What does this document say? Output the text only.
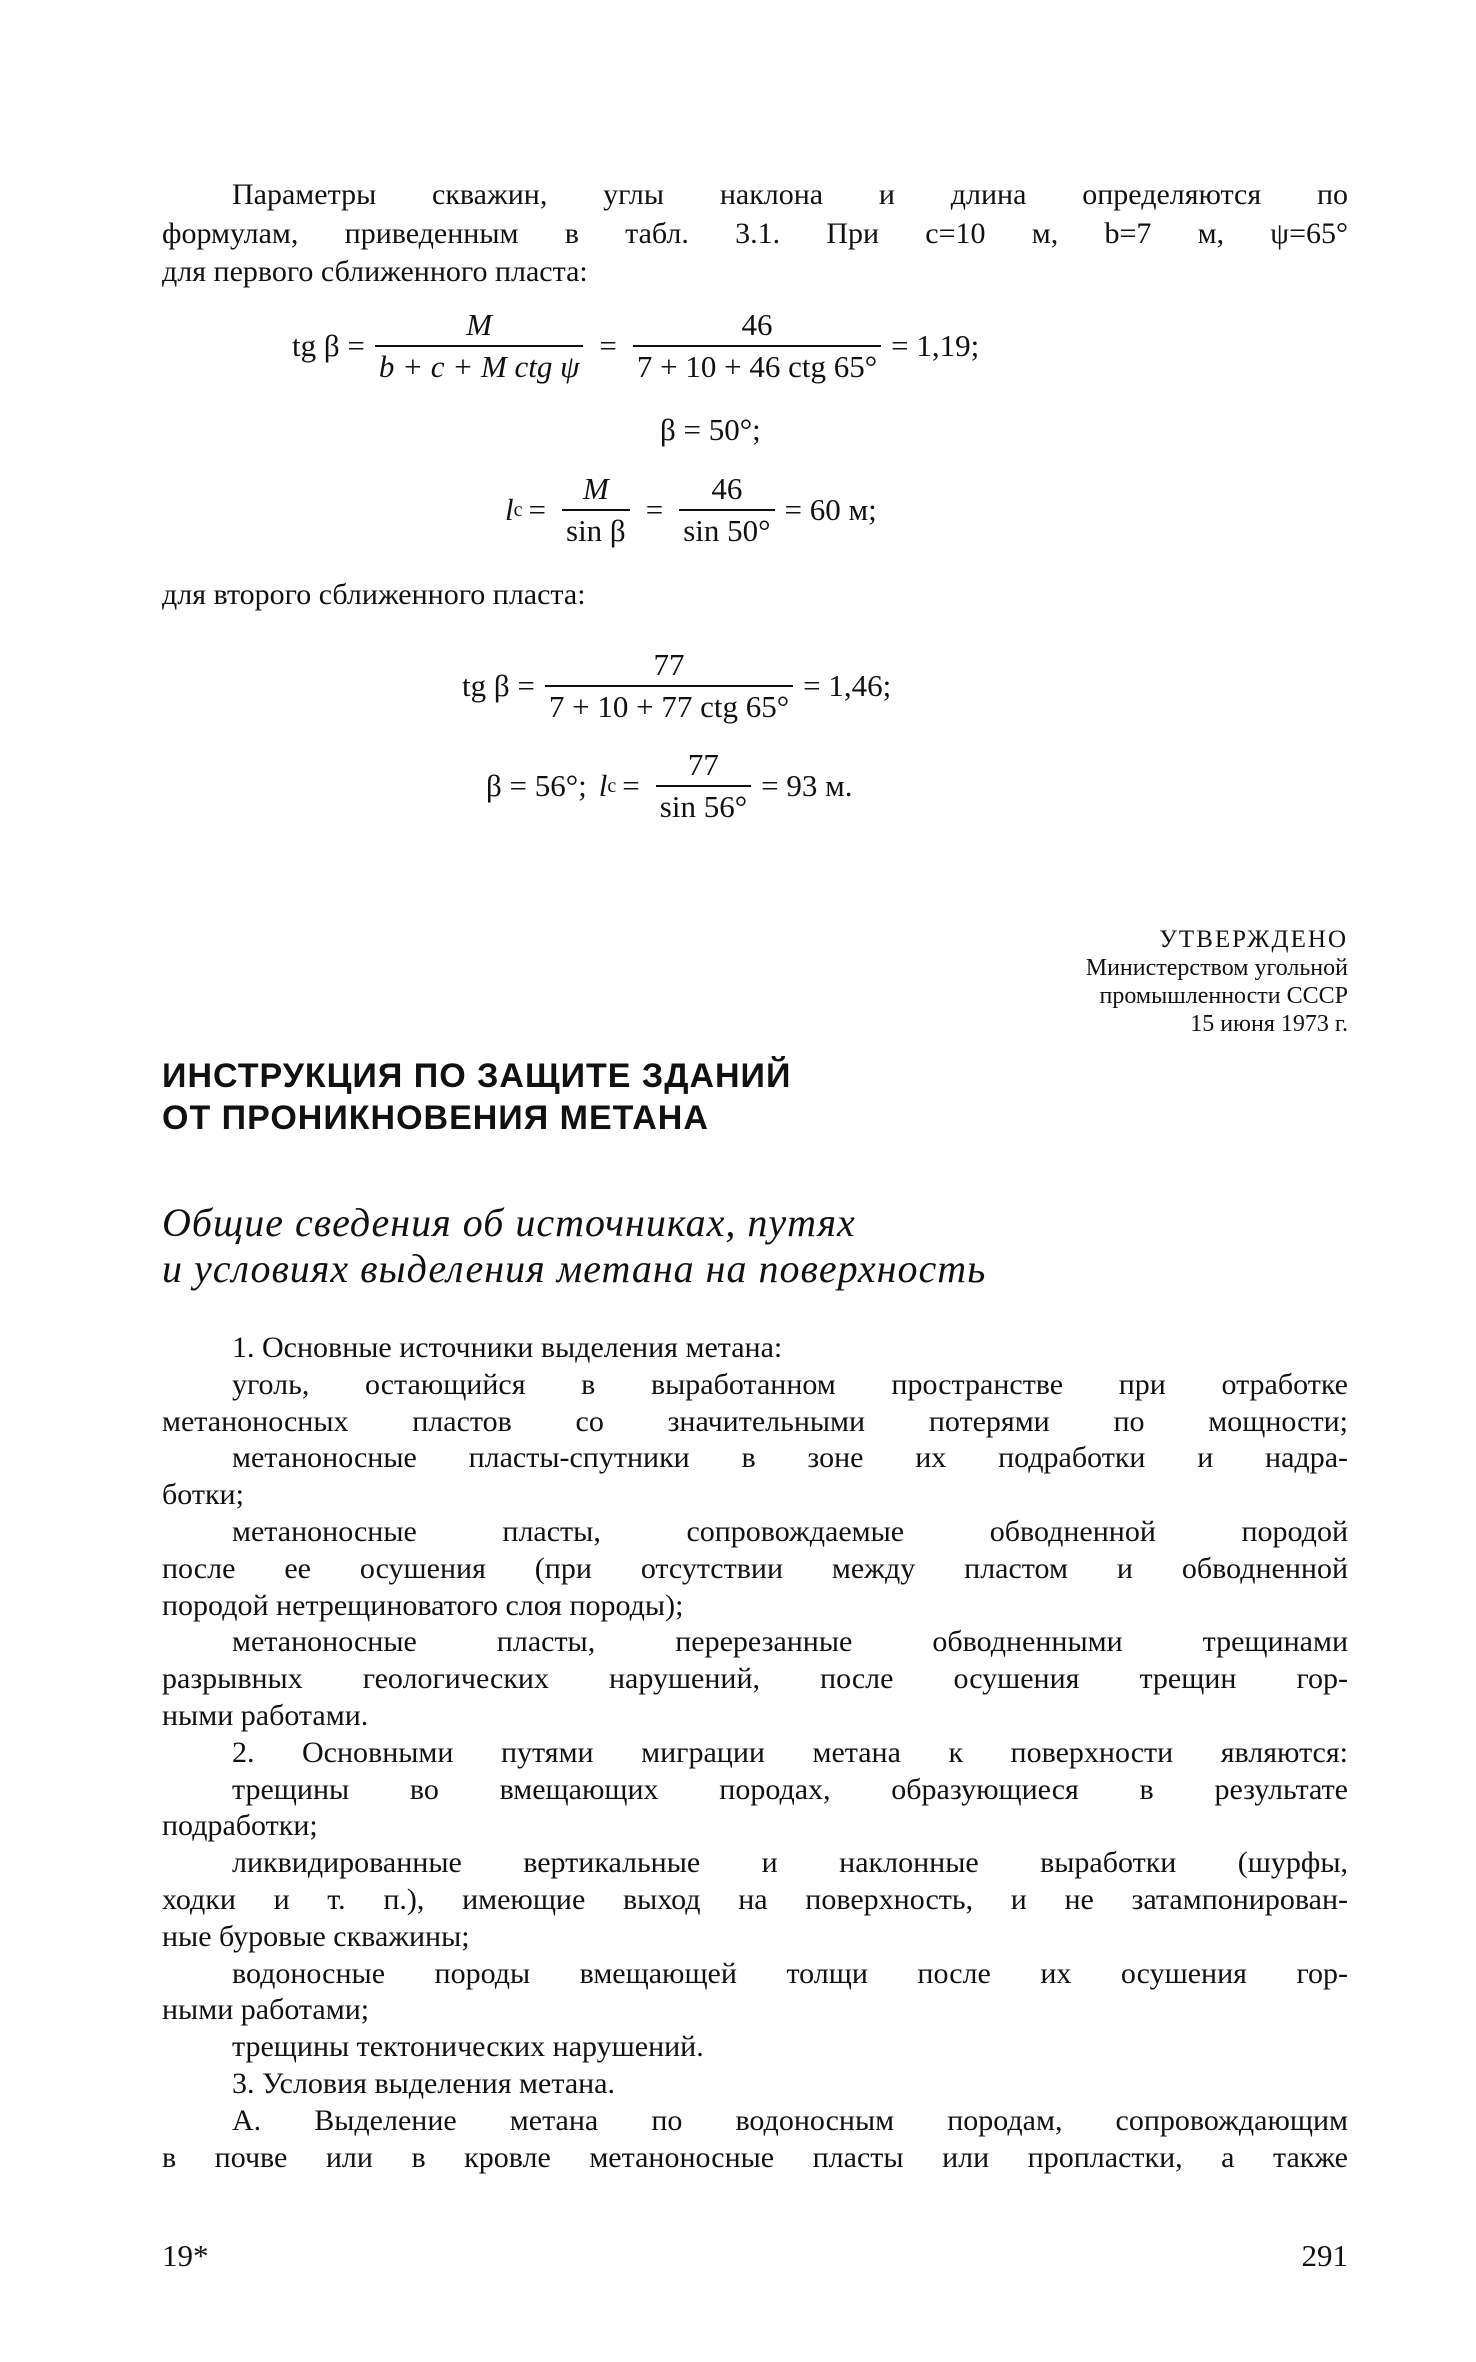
Параметры скважин, углы наклона и длина определяются по
формулам, приведенным в табл. 3.1. При c=10 м, b=7 м, ψ=65°
для первого сближенного пласта:
tg $\beta = \frac{M}{\text{b + c + M ctg ψ}} = \frac{46}{\text{7 + 10 + 46 ctg 65°}} = 1,19$;
β = 50°;
l $c = \frac{M}{\text{sin β}} = \frac{46}{\sin 50^\circ} = 60$ м;
для второго сближенного пласта:
tg $\beta = \frac{77}{\text{7 + 10 + 77 ctg 65°}} = 1,46$;
β = 56°; l $c = \frac{77}{\sin 56^\circ} = 93$ м.
УТВЕРЖДЕНО
Министерством угольной
промышленности СССР
15 июня 1973 г.
ИНСТРУКЦИЯ ПО ЗАЩИТЕ ЗДАНИЙ
ОТ ПРОНИКНОВЕНИЯ МЕТАНА
Общие сведения об источниках, путях
и условиях выделения метана на поверхность
1. Основные источники выделения метана:
уголь, остающийся в выработанном пространстве при отработке
метаноносных пластов со значительными потерями по мощности;
метаноносные пласты-спутники в зоне их подработки и надра-
ботки;
метаноносные пласты, сопровождаемые обводненной породой
после ее осушения (при отсутствии между пластом и обводненной
породой нетрещиноватого слоя породы);
метаноносные пласты, перерезанные обводненными трещинами
разрывных геологических нарушений, после осушения трещин гор-
ными работами.
2. Основными путями миграции метана к поверхности являются:
трещины во вмещающих породах, образующиеся в результате
подработки;
ликвидированные вертикальные и наклонные выработки (шурфы,
ходки и т. п.), имеющие выход на поверхность, и не затампонирован-
ные буровые скважины;
водоносные породы вмещающей толщи после их осушения гор-
ными работами;
трещины тектонических нарушений.
3. Условия выделения метана.
А. Выделение метана по водоносным породам, сопровождающим
в почве или в кровле метаноносные пласты или пропластки, а также
19*	291
